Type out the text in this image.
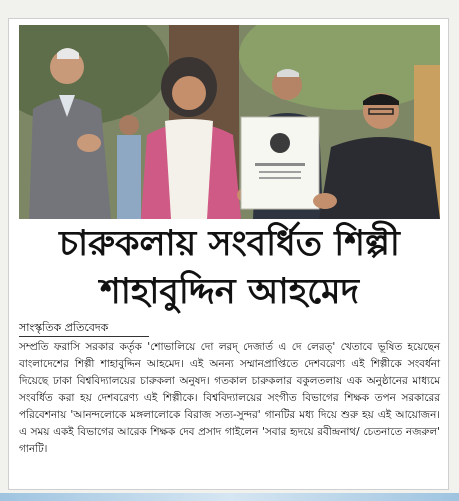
চারুকলায় সংবর্ধিত শিল্পী
শাহাবুদ্দিন আহমেদ
সাংস্কৃতিক প্রতিবেদক
সম্প্রতি ফরাসি সরকার কর্তৃক 'শোভালিয়ে দো লরদ্ দেজার্ত এ দে লেরত্' খেতাবে ভূষিত হয়েছেন বাংলাদেশের শিল্পী শাহাবুদ্দিন আহমেদ। এই অনন্য সম্মানপ্রাপ্তিতে দেশবরেণ্য এই শিল্পীকে সংবর্ধনা দিয়েছে ঢাকা বিশ্ববিদ্যালয়ের চারুকলা অনুষদ। গতকাল চারুকলার বকুলতলায় এক অনুষ্ঠানের মাধ্যমে সংবর্ধিত করা হয় দেশবরেণ্য এই শিল্পীকে। বিশ্ববিদ্যালয়ের সংগীত বিভাগের শিক্ষক তপন সরকারের পরিবেশনায় 'আনন্দলোকে মঙ্গলালোকে বিরাজ সত্য-সুন্দর' গানটির মধ্য দিয়ে শুরু হয় এই আয়োজন। এ সময় একই বিভাগের আরেক শিক্ষক দেব প্রসাদ গাইলেন 'সবার হৃদয়ে রবীন্দ্রনাথ/ চেতনাতে নজরুল' গানটি।
